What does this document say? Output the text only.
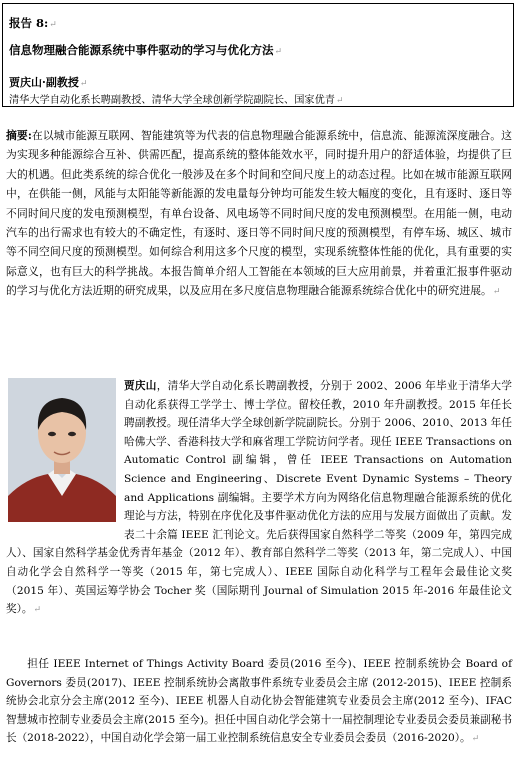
报告 8:↵
信息物理融合能源系统中事件驱动的学习与优化方法↵
贾庆山·副教授↵
清华大学自动化系长聘副教授、清华大学全球创新学院副院长、国家优青↵

摘要:在以城市能源互联网、智能建筑等为代表的信息物理融合能源系统中，信息流、能源流深度融合。这为实现多种能源综合互补、供需匹配，提高系统的整体能效水平，同时提升用户的舒适体验，均提供了巨大的机遇。但此类系统的综合优化一般涉及在多个时间和空间尺度上的动态过程。比如在城市能源互联网中，在供能一侧，风能与太阳能等新能源的发电量每分钟均可能发生较大幅度的变化，且有逐时、逐日等不同时间尺度的发电预测模型，有单台设备、风电场等不同时间尺度的发电预测模型。在用能一侧，电动汽车的出行需求也有较大的不确定性，有逐时、逐日等不同时间尺度的预测模型，有停车场、城区、城市等不同空间尺度的预测模型。如何综合利用这多个尺度的模型，实现系统整体性能的优化，具有重要的实际意义，也有巨大的科学挑战。本报告简单介绍人工智能在本领域的巨大应用前景，并着重汇报事件驱动的学习与优化方法近期的研究成果，以及应用在多尺度信息物理融合能源系统综合优化中的研究进展。↵

贾庆山，清华大学自动化系长聘副教授，分别于 2002、2006 年毕业于清华大学自动化系获得工学学士、博士学位。留校任教，2010 年升副教授。2015 年任长聘副教授。现任清华大学全球创新学院副院长。分别于 2006、2010、2013 年任哈佛大学、香港科技大学和麻省理工学院访问学者。现任 IEEE Transactions on Automatic Control 副编辑，曾任 IEEE Transactions on Automation Science and Engineering、Discrete Event Dynamic Systems – Theory and Applications 副编辑。主要学术方向为网络化信息物理融合能源系统的优化理论与方法，特别在序优化及事件驱动优化方法的应用与发展方面做出了贡献。发表二十余篇 IEEE 汇刊论文。先后获得国家自然科学二等奖（2009 年，第四完成人）、国家自然科学基金优秀青年基金（2012 年）、教育部自然科学二等奖（2013 年，第二完成人）、中国自动化学会自然科学一等奖（2015 年，第七完成人）、IEEE 国际自动化科学与工程年会最佳论文奖（2015 年）、英国运筹学协会 Tocher 奖（国际期刊 Journal of Simulation 2015 年-2016 年最佳论文奖）。↵

担任 IEEE Internet of Things Activity Board 委员(2016 至今)、IEEE 控制系统协会 Board of Governors 委员(2017)、IEEE 控制系统协会离散事件系统专业委员会主席 (2012-2015)、IEEE 控制系统协会北京分会主席(2012 至今)、IEEE 机器人自动化协会智能建筑专业委员会主席(2012 至今)、IFAC 智慧城市控制专业委员会主席(2015 至今)。担任中国自动化学会第十一届控制理论专业委员会委员兼副秘书长（2018-2022），中国自动化学会第一届工业控制系统信息安全专业委员会委员（2016-2020）。↵
